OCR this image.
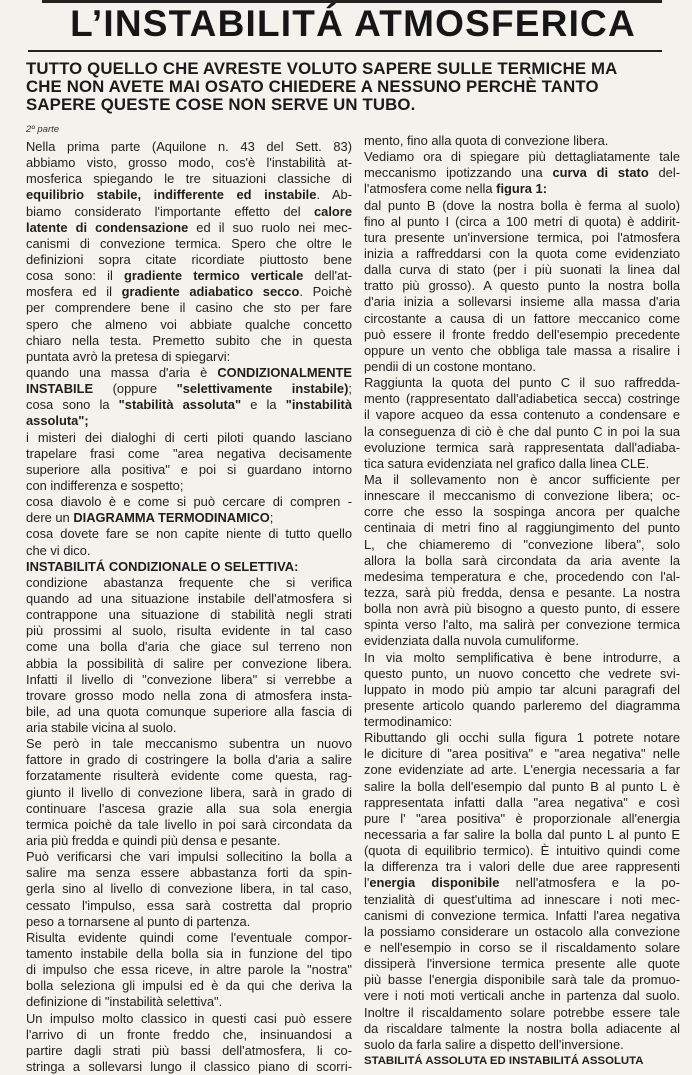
L’INSTABILITÁ ATMOSFERICA
TUTTO QUELLO CHE AVRESTE VOLUTO SAPERE SULLE TERMICHE MA
CHE NON AVETE MAI OSATO CHIEDERE A NESSUNO PERCHÈ TANTO
SAPERE QUESTE COSE NON SERVE UN TUBO.
2º parte
Nella prima parte (Aquilone n. 43 del Sett. 83)
abbiamo visto, grosso modo, cos'è l'instabilità at-
mosferica spiegando le tre situazioni classiche di
equilibrio stabile, indifferente ed instabile. Ab-
biamo considerato l'importante effetto del calore
latente di condensazione ed il suo ruolo nei mec-
canismi di convezione termica. Spero che oltre le
definizioni sopra citate ricordiate piuttosto bene
cosa sono: il gradiente termico verticale dell'at-
mosfera ed il gradiente adiabatico secco. Poichè
per comprendere bene il casino che sto per fare
spero che almeno voi abbiate qualche concetto
chiaro nella testa. Premetto subito che in questa
puntata avrò la pretesa di spiegarvi:
quando una massa d'aria è CONDIZIONALMENTE
INSTABILE (oppure "selettivamente instabile);
cosa sono la "stabilità assoluta" e la "instabilità
assoluta";
i misteri dei dialoghi di certi piloti quando lasciano
trapelare frasi come "area negativa decisamente
superiore alla positiva" e poi si guardano intorno
con indifferenza e sospetto;
cosa diavolo è e come si può cercare di compren -
dere un DIAGRAMMA TERMODINAMICO;
cosa dovete fare se non capite niente di tutto quello
che vi dico.
INSTABILITÁ CONDIZIONALE O SELETTIVA:
condizione abastanza frequente che si verifica
quando ad una situazione instabile dell'atmosfera si
contrappone una situazione di stabilità negli strati
più prossimi al suolo, risulta evidente in tal caso
come una bolla d'aria che giace sul terreno non
abbia la possibilità di salire per convezione libera.
Infatti il livello di "convezione libera" si verrebbe a
trovare grosso modo nella zona di atmosfera insta-
bile, ad una quota comunque superiore alla fascia di
aria stabile vicina al suolo.
Se però in tale meccanismo subentra un nuovo
fattore in grado di costringere la bolla d'aria a salire
forzatamente risulterà evidente come questa, rag-
giunto il livello di convezione libera, sarà in grado di
continuare l'ascesa grazie alla sua sola energia
termica poichè da tale livello in poi sarà circondata da
aria più fredda e quindi più densa e pesante.
Può verificarsi che vari impulsi sollecitino la bolla a
salire ma senza essere abbastanza forti da spin-
gerla sino al livello di convezione libera, in tal caso,
cessato l'impulso, essa sarà costretta dal proprio
peso a tornarsene al punto di partenza.
Risulta evidente quindi come l'eventuale compor-
tamento instabile della bolla sia in funzione del tipo
di impulso che essa riceve, in altre parole la "nostra"
bolla seleziona gli impulsi ed è da qui che deriva la
definizione di "instabilità selettiva".
Un impulso molto classico in questi casi può essere
l'arrivo di un fronte freddo che, insinuandosi a
partire dagli strati più bassi dell'atmosfera, li co-
stringa a sollevarsi lungo il classico piano di scorri-
mento, fino alla quota di convezione libera.
Vediamo ora di spiegare più dettagliatamente tale
meccanismo ipotizzando una curva di stato del-
l'atmosfera come nella figura 1:
dal punto B (dove la nostra bolla è ferma al suolo)
fino al punto I (circa a 100 metri di quota) è addirit-
tura presente un'inversione termica, poi l'atmosfera
inizia a raffreddarsi con la quota come evidenziato
dalla curva di stato (per i più suonati la linea dal
tratto più grosso). A questo punto la nostra bolla
d'aria inizia a sollevarsi insieme alla massa d'aria
circostante a causa di un fattore meccanico come
può essere il fronte freddo dell'esempio precedente
oppure un vento che obbliga tale massa a risalire i
pendii di un costone montano.
Raggiunta la quota del punto C il suo raffredda-
mento (rappresentato dall'adiabetica secca) costringe
il vapore acqueo da essa contenuto a condensare e
la conseguenza di ciò è che dal punto C in poi la sua
evoluzione termica sarà rappresentata dall'adiaba-
tica satura evidenziata nel grafico dalla linea CLE.
Ma il sollevamento non è ancor sufficiente per
innescare il meccanismo di convezione libera; oc-
corre che esso la sospinga ancora per qualche
centinaia di metri fino al raggiungimento del punto
L, che chiameremo di "convezione libera", solo
allora la bolla sarà circondata da aria avente la
medesima temperatura e che, procedendo con l'al-
tezza, sarà più fredda, densa e pesante. La nostra
bolla non avrà più bisogno a questo punto, di essere
spinta verso l'alto, ma salirà per convezione termica
evidenziata dalla nuvola cumuliforme.
In via molto semplificativa è bene introdurre, a
questo punto, un nuovo concetto che vedrete svi-
luppato in modo più ampio tar alcuni paragrafi del
presente articolo quando parleremo del diagramma
termodinamico:
Ributtando gli occhi sulla figura 1 potrete notare
le diciture di "area positiva" e "area negativa" nelle
zone evidenziate ad arte. L'energia necessaria a far
salire la bolla dell'esempio dal punto B al punto L è
rappresentata infatti dalla "area negativa" e così
pure l' "area positiva" è proporzionale all'energia
necessaria a far salire la bolla dal punto L al punto E
(quota di equilibrio termico). È intuitivo quindi come
la differenza tra i valori delle due aree rappresenti
l'energia disponibile nell'atmosfera e la po-
tenzialità di quest'ultima ad innescare i noti mec-
canismi di convezione termica. Infatti l'area negativa
la possiamo considerare un ostacolo alla convezione
e nell'esempio in corso se il riscaldamento solare
dissiperà l'inversione termica presente alle quote
più basse l'energia disponibile sarà tale da promuo-
vere i noti moti verticali anche in partenza dal suolo.
Inoltre il riscaldamento solare potrebbe essere tale
da riscaldare talmente la nostra bolla adiacente al
suolo da farla salire a dispetto dell'inversione.
STABILITÁ ASSOLUTA ED INSTABILITÁ ASSOLUTA
